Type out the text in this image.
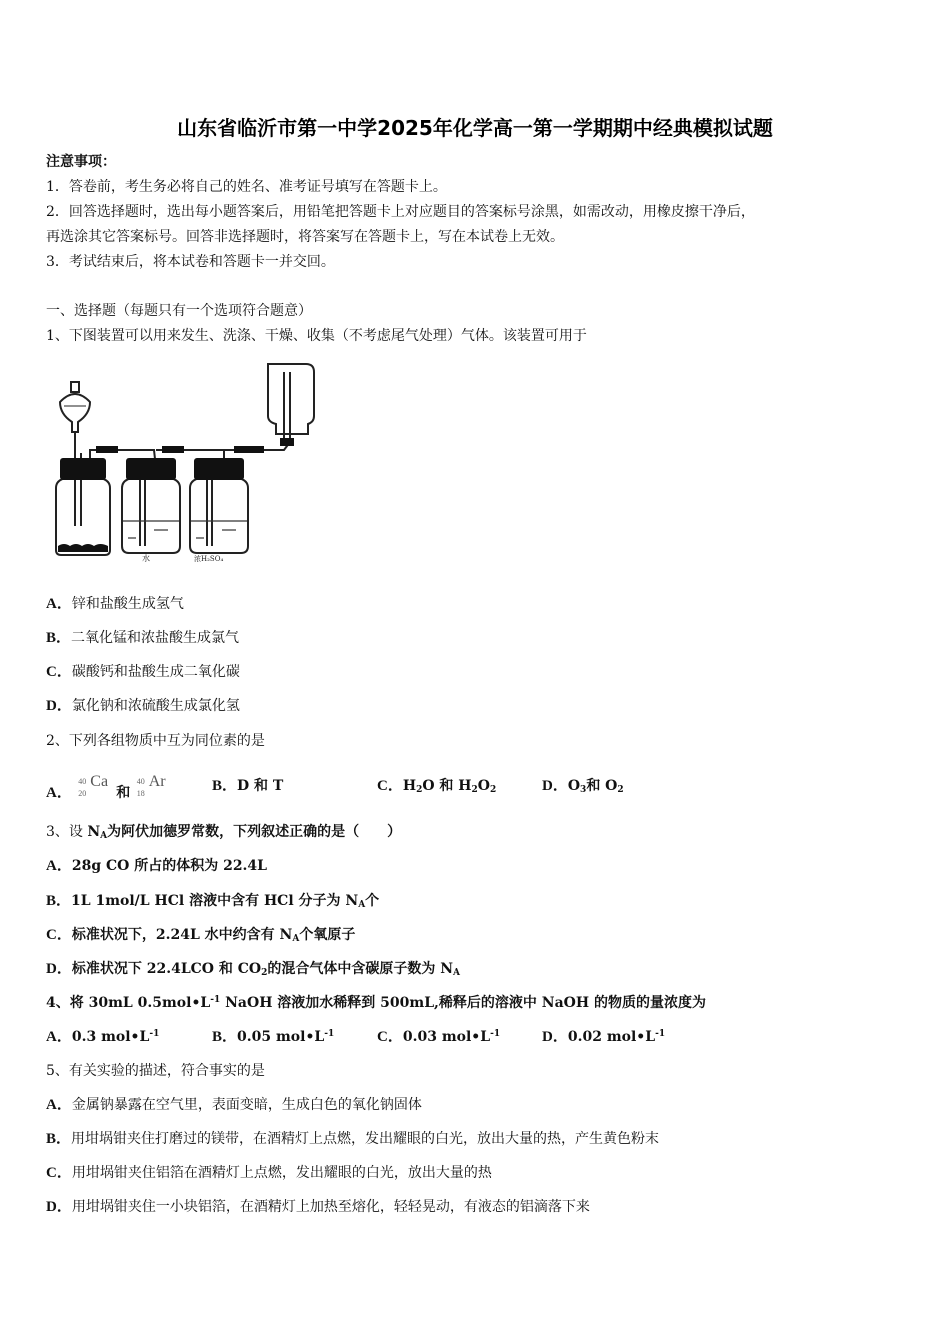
山东省临沂市第一中学2025年化学高一第一学期期中经典模拟试题
注意事项：
1．答卷前，考生务必将自己的姓名、准考证号填写在答题卡上。
2．回答选择题时，选出每小题答案后，用铅笔把答题卡上对应题目的答案标号涂黑，如需改动，用橡皮擦干净后，
再选涂其它答案标号。回答非选择题时，将答案写在答题卡上，写在本试卷上无效。
3．考试结束后，将本试卷和答题卡一并交回。
一、选择题（每题只有一个选项符合题意）
1、下图装置可以用来发生、洗涤、干燥、收集（不考虑尾气处理）气体。该装置可用于
水	浓H₂SO₄
A．锌和盐酸生成氢气
B．二氧化锰和浓盐酸生成氯气
C．碳酸钙和盐酸生成二氧化碳
D．氯化钠和浓硫酸生成氯化氢
2、下列各组物质中互为同位素的是
A．
40
20
Ca
和
40
18
Ar	B．D 和 T	C．$H_2O$ 和 $H_2O_2$	D．$O_3$和 $O_2$
3、设 $N_A$为阿伏加德罗常数，下列叙述正确的是（　　）
A．28g CO 所占的体积为 22.4L
B．1L 1mol/L HCl 溶液中含有 HCl 分子为 $N_A$个
C．标准状况下，2.24L 水中约含有 $N_A$个氧原子
D．标准状况下 22.4LCO 和 $CO_2$的混合气体中含碳原子数为 $N_A$
4、将 30mL $0.5mol•L^{-1}$ NaOH 溶液加水稀释到 500mL,稀释后的溶液中 NaOH 的物质的量浓度为
A．0.3 $mol•L^{-1}$	B．0.05 $mol•L^{-1}$	C．0.03 $mol•L^{-1}$	D．0.02 $mol•L^{-1}$
5、有关实验的描述，符合事实的是
A．金属钠暴露在空气里，表面变暗，生成白色的氧化钠固体
B．用坩埚钳夹住打磨过的镁带，在酒精灯上点燃，发出耀眼的白光，放出大量的热，产生黄色粉末
C．用坩埚钳夹住铝箔在酒精灯上点燃，发出耀眼的白光，放出大量的热
D．用坩埚钳夹住一小块铝箔，在酒精灯上加热至熔化，轻轻晃动，有液态的铝滴落下来
